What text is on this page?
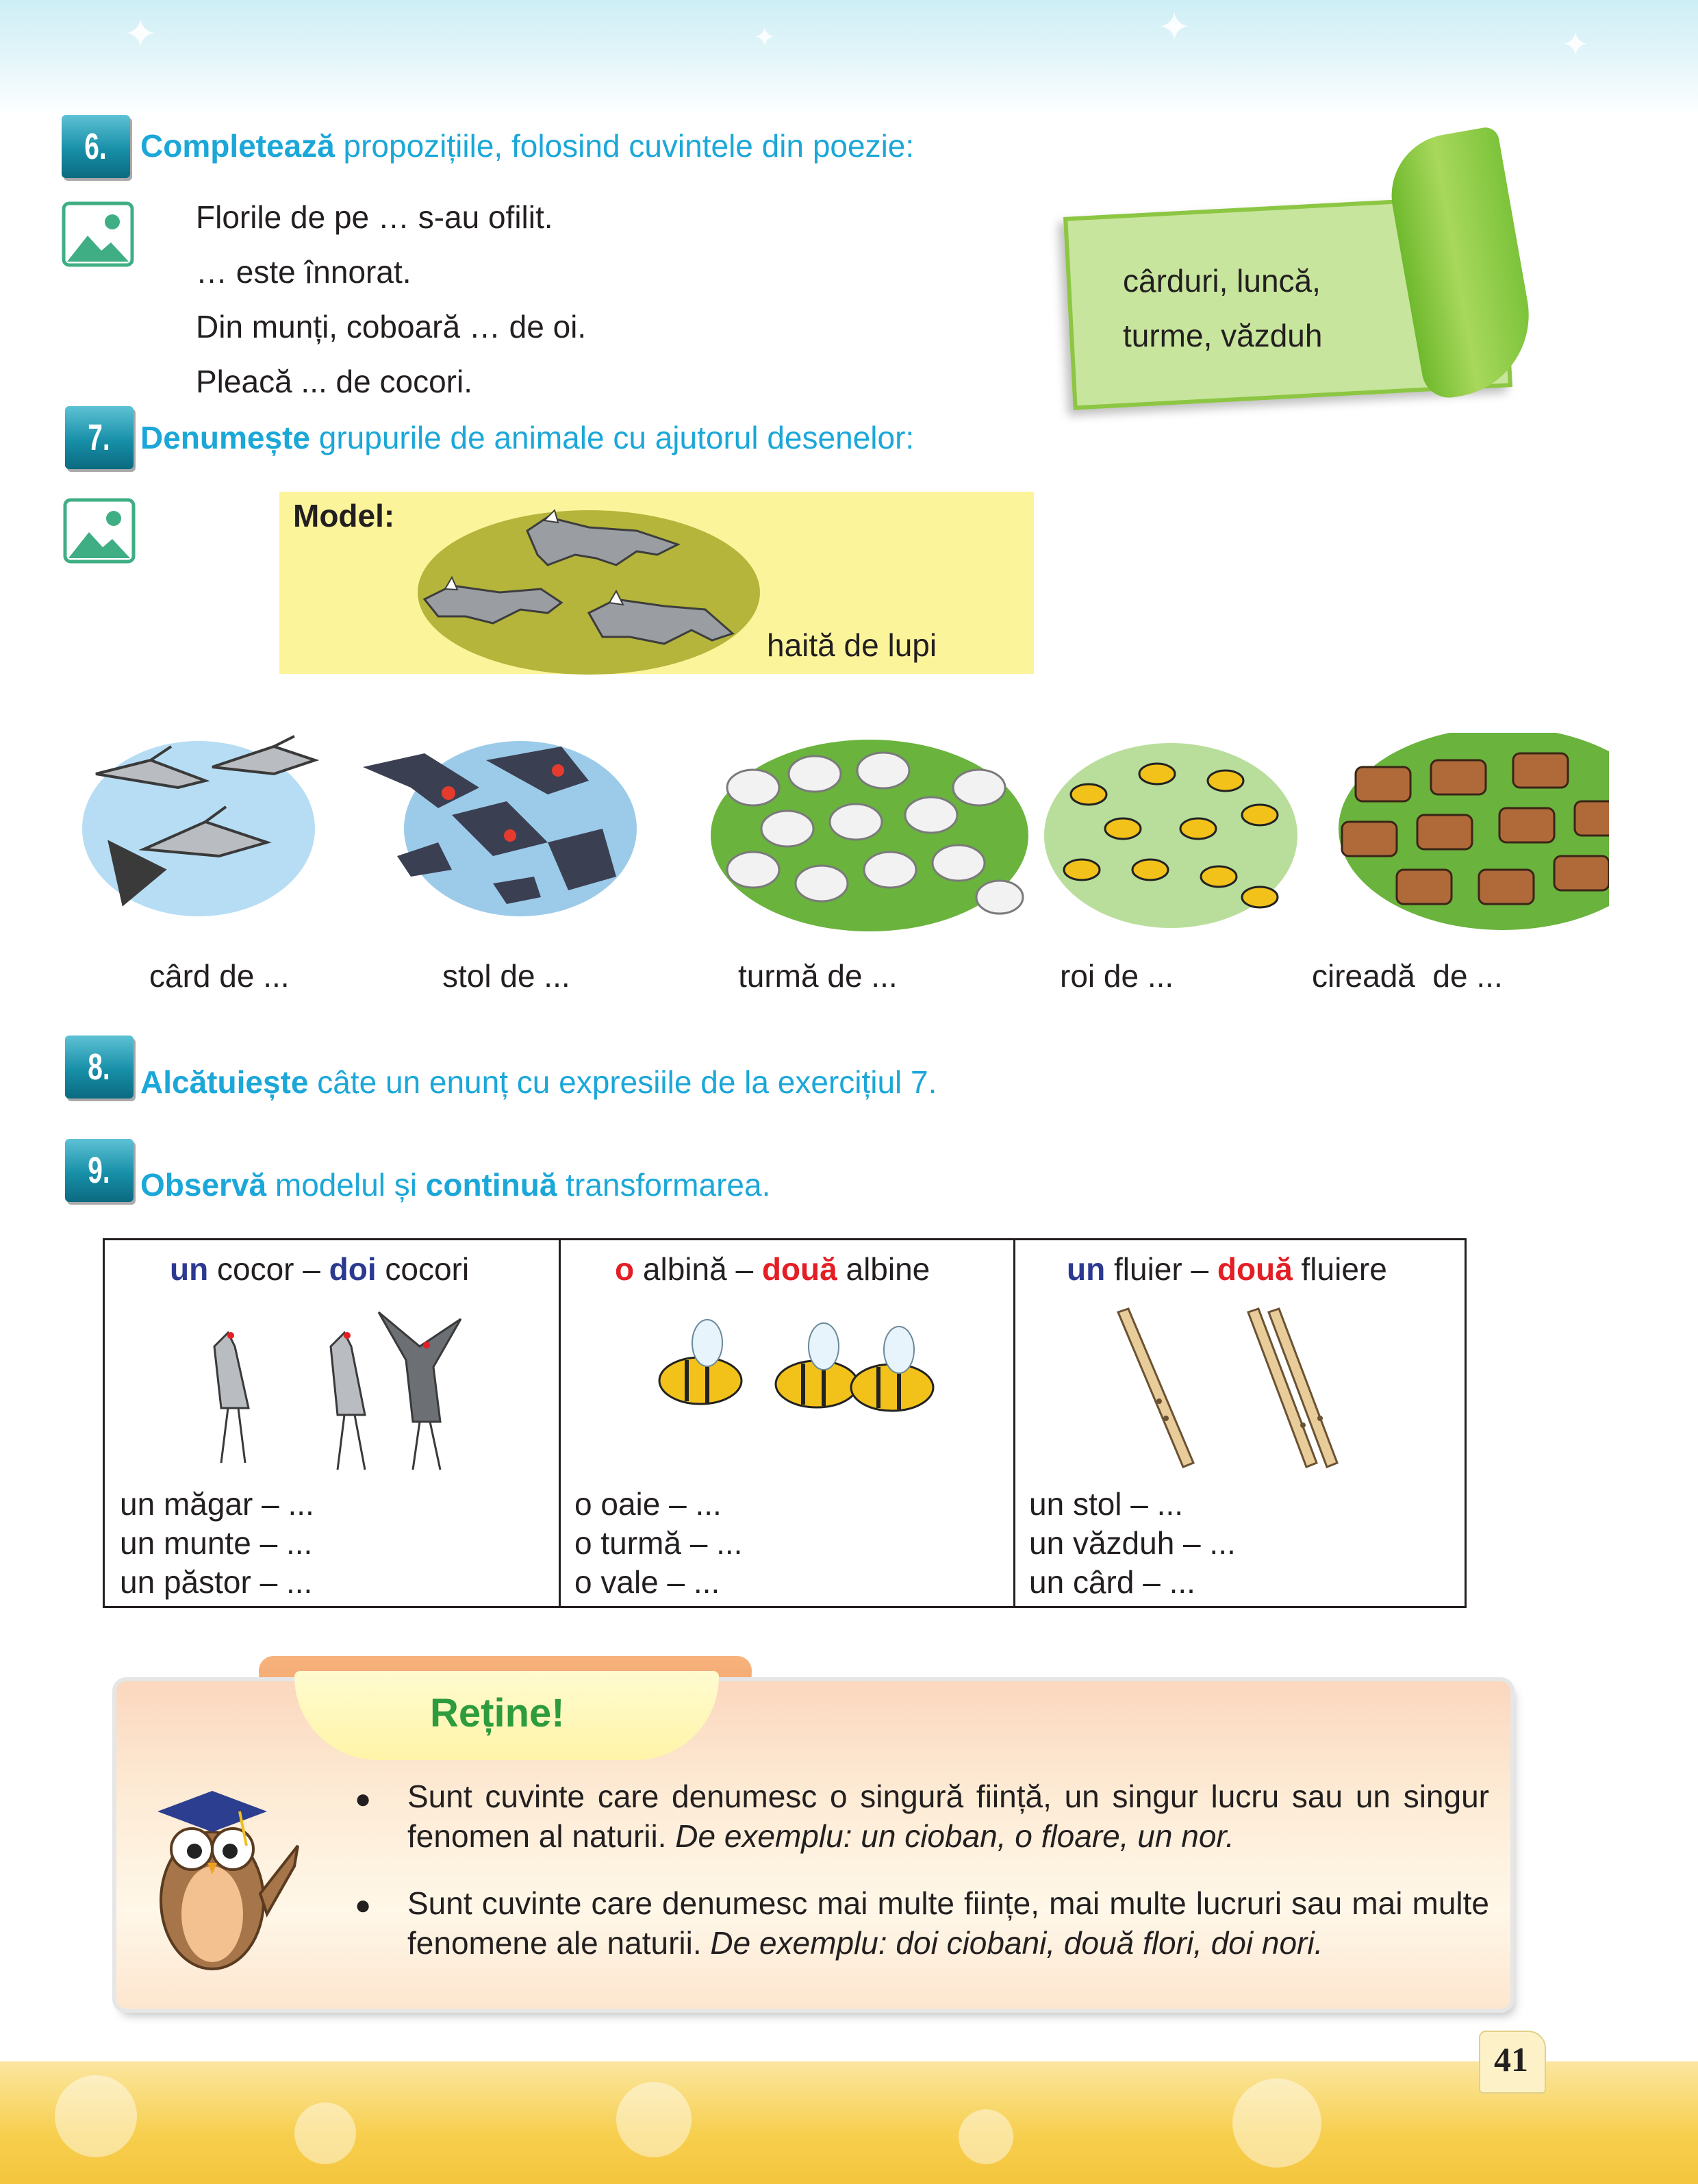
✦	✦	✦	✦
6.	Completează propozițiile, folosind cuvintele din poezie:
Florile de pe … s-au ofilit.
… este înnorat.
Din munți, coboară … de oi.
Pleacă ... de cocori.
cârduri, luncă,
turme, văzduh
7. Denumește grupurile de animale cu ajutorul desenelor:
Model:
haită de lupi
cârd de ...	stol de ...	turmă de ...	roi de ...	cireadă  de ...
8. Alcătuiește câte un enunț cu expresiile de la exercițiul 7.
9. Observă modelul și continuă transformarea.
un cocor – doi cocori	o albină – două albine	un fluier – două fluiere
un măgar – ...
un munte – ...
un păstor – ...
o oaie – ...
o turmă – ...
o vale – ...
un stol – ...
un văzduh – ...
un cârd – ...
Reține!
● Sunt cuvinte care denumesc o singură ființă, un singur lucru sau un singur fenomen al naturii. De exemplu: un cioban, o floare, un nor.
● Sunt cuvinte care denumesc mai multe ființe, mai multe lucruri sau mai multe fenomene ale naturii. De exemplu: doi ciobani, două flori, doi nori.
41
